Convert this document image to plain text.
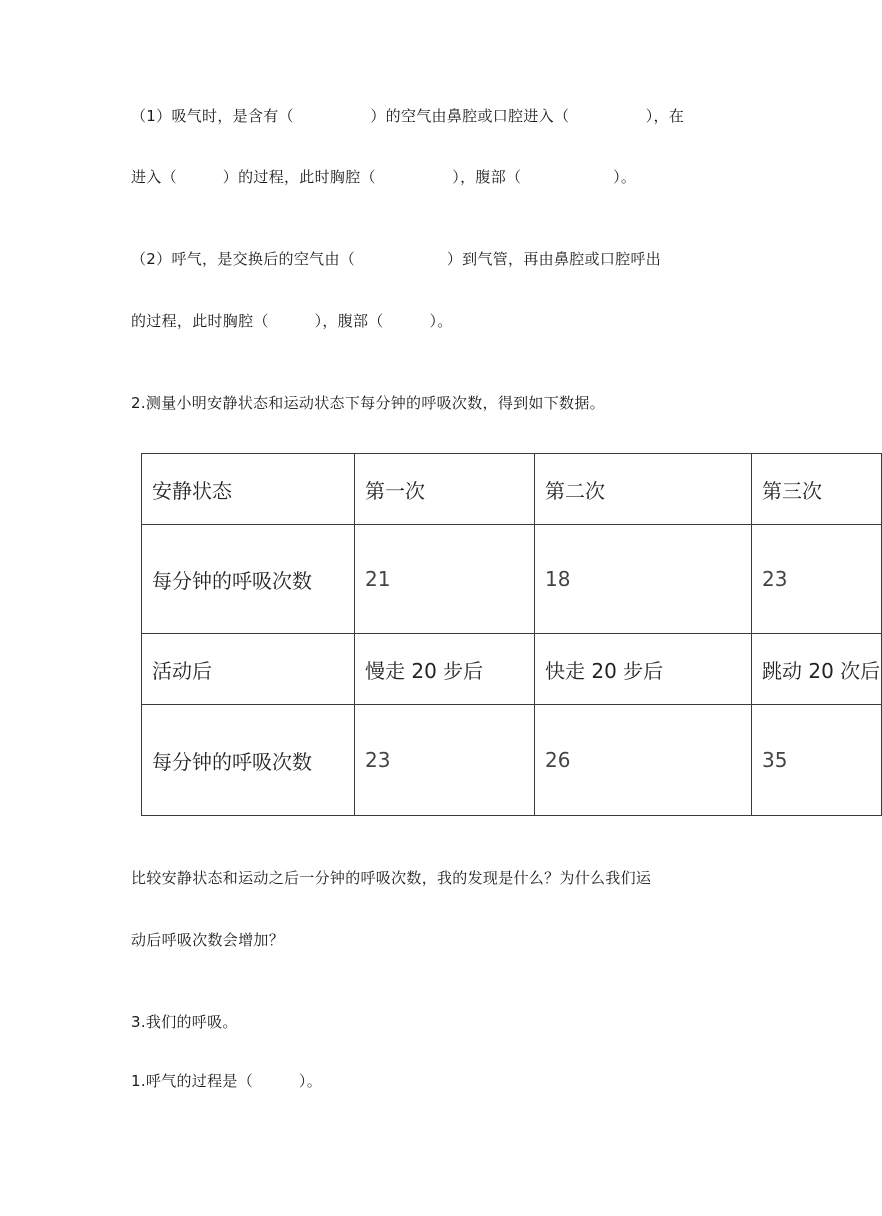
（1）吸气时，是含有（　　　　　）的空气由鼻腔或口腔进入（　　　　　），在
进入（　　　）的过程，此时胸腔（　　　　　），腹部（　　　　　　）。
（2）呼气，是交换后的空气由（　　　　　　）到气管，再由鼻腔或口腔呼出
的过程，此时胸腔（　　　），腹部（　　　）。
2.测量小明安静状态和运动状态下每分钟的呼吸次数，得到如下数据。
安静状态	第一次	第二次	第三次
每分钟的呼吸次数	21	18	23
活动后	慢走 20 步后	快走 20 步后	跳动 20 次后
每分钟的呼吸次数	23	26	35
比较安静状态和运动之后一分钟的呼吸次数，我的发现是什么？为什么我们运
动后呼吸次数会增加？
3.我们的呼吸。
1.呼气的过程是（　　　）。
